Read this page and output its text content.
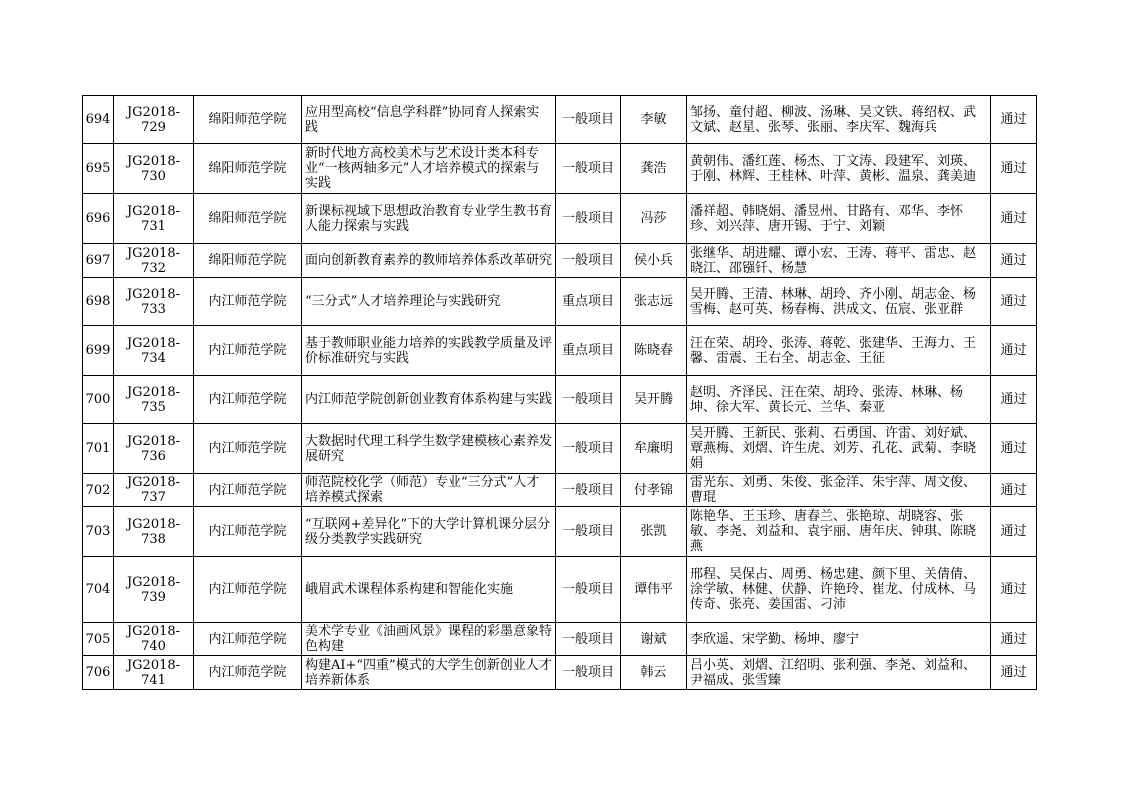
694	JG2018-729	绵阳师范学院	应用型高校“信息学科群”协同育人探索实践	一般项目	李敏	邹扬、童付超、柳波、汤琳、吴文铁、蒋绍权、武文斌、赵星、张琴、张丽、李庆军、魏海兵	通过
695	JG2018-730	绵阳师范学院	新时代地方高校美术与艺术设计类本科专业“一核两轴多元”人才培养模式的探索与实践	一般项目	龚浩	黄朝伟、潘红莲、杨杰、丁文涛、段建军、刘瑛、于刚、林辉、王桂林、叶萍、黄彬、温泉、龚美迪	通过
696	JG2018-731	绵阳师范学院	新课标视域下思想政治教育专业学生教书育人能力探索与实践	一般项目	冯莎	潘祥超、韩晓娟、潘昱州、甘路有、邓华、李怀珍、刘兴萍、唐开锡、于宁、刘颖	通过
697	JG2018-732	绵阳师范学院	面向创新教育素养的教师培养体系改革研究	一般项目	侯小兵	张继华、胡进耀、谭小宏、王涛、蒋平、雷忠、赵晓江、邵镪钎、杨慧	通过
698	JG2018-733	内江师范学院	“三分式”人才培养理论与实践研究	重点项目	张志远	吴开腾、王清、林琳、胡玲、齐小刚、胡志金、杨雪梅、赵可英、杨春梅、洪成文、伍宸、张亚群	通过
699	JG2018-734	内江师范学院	基于教师职业能力培养的实践教学质量及评价标准研究与实践	重点项目	陈晓春	汪在荣、胡玲、张涛、蒋乾、张建华、王海力、王馨、雷震、王右全、胡志金、王征	通过
700	JG2018-735	内江师范学院	内江师范学院创新创业教育体系构建与实践	一般项目	吴开腾	赵明、齐泽民、汪在荣、胡玲、张涛、林琳、杨坤、徐大军、黄长元、兰华、秦亚	通过
701	JG2018-736	内江师范学院	大数据时代理工科学生数学建模核心素养发展研究	一般项目	牟廉明	吴开腾、王新民、张莉、石勇国、许雷、刘好斌、覃燕梅、刘熠、许生虎、刘芳、孔花、武菊、李晓娟	通过
702	JG2018-737	内江师范学院	师范院校化学（师范）专业“三分式”人才培养模式探索	一般项目	付孝锦	雷光东、刘勇、朱俊、张金洋、朱宇萍、周文俊、曹琨	通过
703	JG2018-738	内江师范学院	“互联网+差异化”下的大学计算机课分层分级分类教学实践研究	一般项目	张凯	陈艳华、王玉珍、唐春兰、张艳琼、胡晓容、张敏、李尧、刘益和、袁宇丽、唐年庆、钟琪、陈晓燕	通过
704	JG2018-739	内江师范学院	峨眉武术课程体系构建和智能化实施	一般项目	谭伟平	邢程、吴保占、周勇、杨忠建、颜下里、关倩倩、涂学敏、林健、伏静、许艳玲、崔龙、付成林、马传奇、张亮、姜国雷、刁沛	通过
705	JG2018-740	内江师范学院	美术学专业《油画风景》课程的彩墨意象特色构建	一般项目	谢斌	李欣遥、宋学勤、杨坤、廖宁	通过
706	JG2018-741	内江师范学院	构建AI+“四重”模式的大学生创新创业人才培养新体系	一般项目	韩云	吕小英、刘熠、江绍明、张利强、李尧、刘益和、尹福成、张雪臻	通过
